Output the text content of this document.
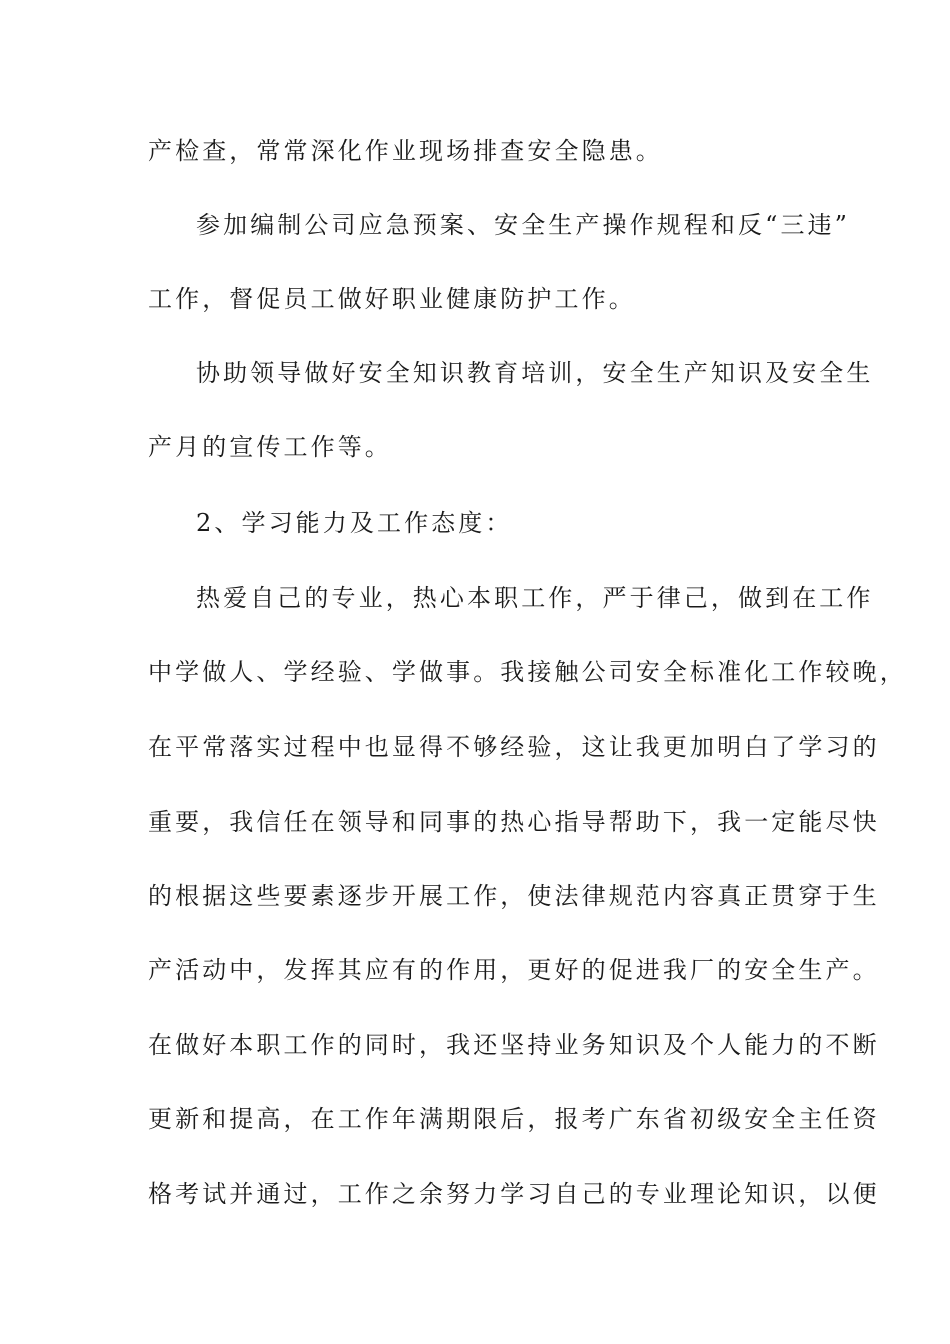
产检查，常常深化作业现场排查安全隐患。
参加编制公司应急预案、安全生产操作规程和反“三违”
工作，督促员工做好职业健康防护工作。
协助领导做好安全知识教育培训，安全生产知识及安全生
产月的宣传工作等。
2、学习能力及工作态度：
热爱自己的专业，热心本职工作，严于律己，做到在工作
中学做人、学经验、学做事。我接触公司安全标准化工作较晚，
在平常落实过程中也显得不够经验，这让我更加明白了学习的
重要，我信任在领导和同事的热心指导帮助下，我一定能尽快
的根据这些要素逐步开展工作，使法律规范内容真正贯穿于生
产活动中，发挥其应有的作用，更好的促进我厂的安全生产。
在做好本职工作的同时，我还坚持业务知识及个人能力的不断
更新和提高，在工作年满期限后，报考广东省初级安全主任资
格考试并通过，工作之余努力学习自己的专业理论知识，以便
